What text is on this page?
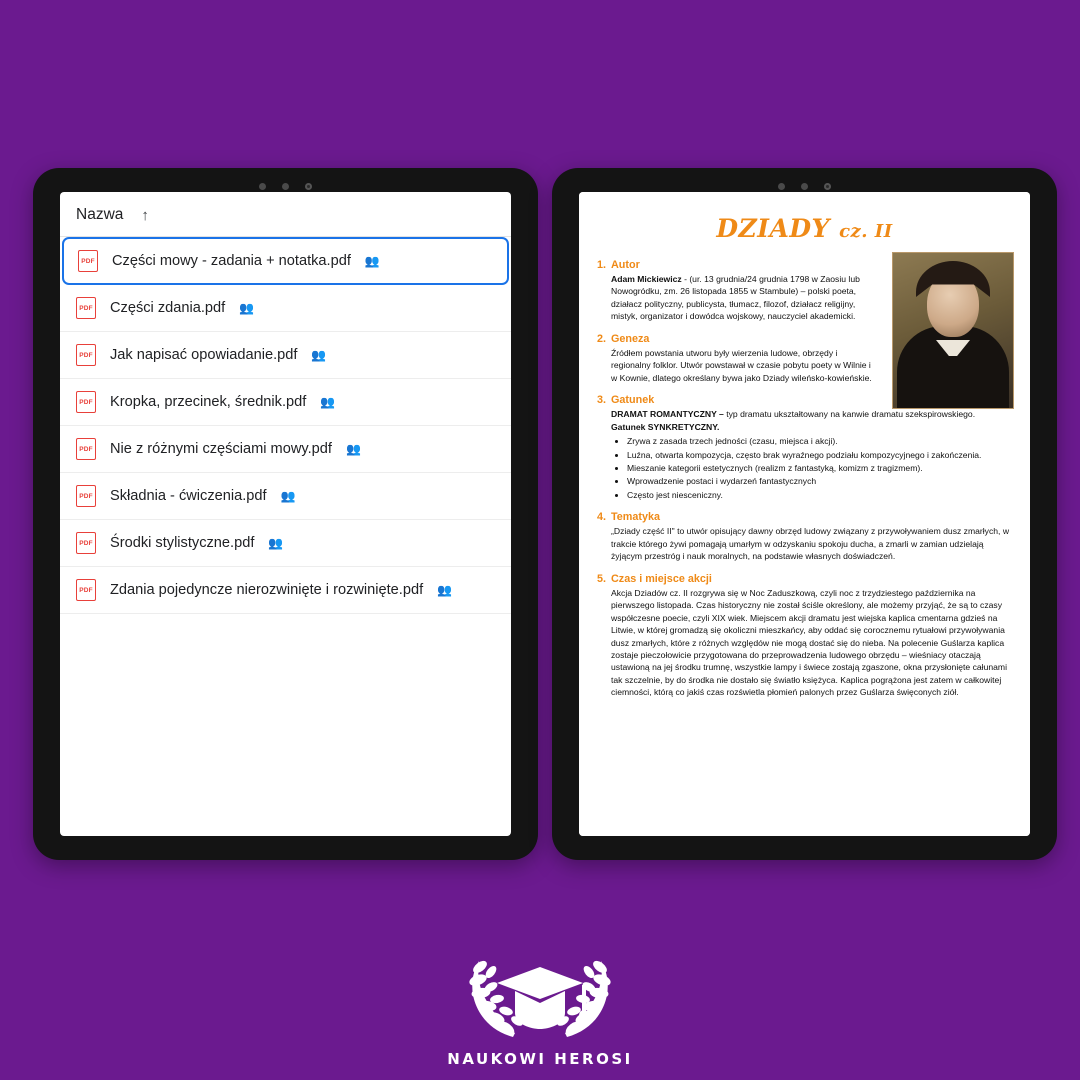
Nazwa ↑
PDF Części mowy - zadania + notatka.pdf 👥
PDF Części zdania.pdf 👥
PDF Jak napisać opowiadanie.pdf 👥
PDF Kropka, przecinek, średnik.pdf 👥
PDF Nie z różnymi częściami mowy.pdf 👥
PDF Składnia - ćwiczenia.pdf 👥
PDF Środki stylistyczne.pdf 👥
PDF Zdania pojedyncze nierozwinięte i rozwinięte.pdf 👥
DZIADY cz. II
1. Autor
Adam Mickiewicz - (ur. 13 grudnia/24 grudnia 1798 w Zaosiu lub Nowogródku, zm. 26 listopada 1855 w Stambule) – polski poeta, działacz polityczny, publicysta, tłumacz, filozof, działacz religijny, mistyk, organizator i dowódca wojskowy, nauczyciel akademicki.
2. Geneza
Źródłem powstania utworu były wierzenia ludowe, obrzędy i regionalny folklor. Utwór powstawał w czasie pobytu poety w Wilnie i w Kownie, dlatego określany bywa jako Dziady wileńsko-kowieńskie.
3. Gatunek
DRAMAT ROMANTYCZNY – typ dramatu ukształtowany na kanwie dramatu szekspirowskiego.
Gatunek SYNKRETYCZNY.
• Zrywa z zasada trzech jedności (czasu, miejsca i akcji).
• Luźna, otwarta kompozycja, często brak wyraźnego podziału kompozycyjnego i zakończenia.
• Mieszanie kategorii estetycznych (realizm z fantastyką, komizm z tragizmem).
• Wprowadzenie postaci i wydarzeń fantastycznych
• Często jest niesceniczny.
4. Tematyka
„Dziady część II" to utwór opisujący dawny obrzęd ludowy związany z przywoływaniem dusz zmarłych, w trakcie którego żywi pomagają umarłym w odzyskaniu spokoju ducha, a zmarli w zamian udzielają żyjącym przestróg i nauk moralnych, na podstawie własnych doświadczeń.
5. Czas i miejsce akcji
Akcja Dziadów cz. II rozgrywa się w Noc Zaduszkową, czyli noc z trzydziestego października na pierwszego listopada. Czas historyczny nie został ściśle określony, ale możemy przyjąć, że są to czasy współczesne poecie, czyli XIX wiek. Miejscem akcji dramatu jest wiejska kaplica cmentarna gdzieś na Litwie, w której gromadzą się okoliczni mieszkańcy, aby oddać się corocznemu rytuałowi przywoływania dusz zmarłych, które z różnych względów nie mogą dostać się do nieba. Na polecenie Guślarza kaplica zostaje pieczołowicie przygotowana do przeprowadzenia ludowego obrzędu – wieśniacy otaczają ustawioną na jej środku trumnę, wszystkie lampy i świece zostają zgaszone, okna przysłonięte całunami tak szczelnie, by do środka nie dostało się światło księżyca. Kaplica pogrążona jest zatem w całkowitej ciemności, którą co jakiś czas rozświetla płomień palonych przez Guślarza święconych ziół.
NAUKOWI HEROSI
